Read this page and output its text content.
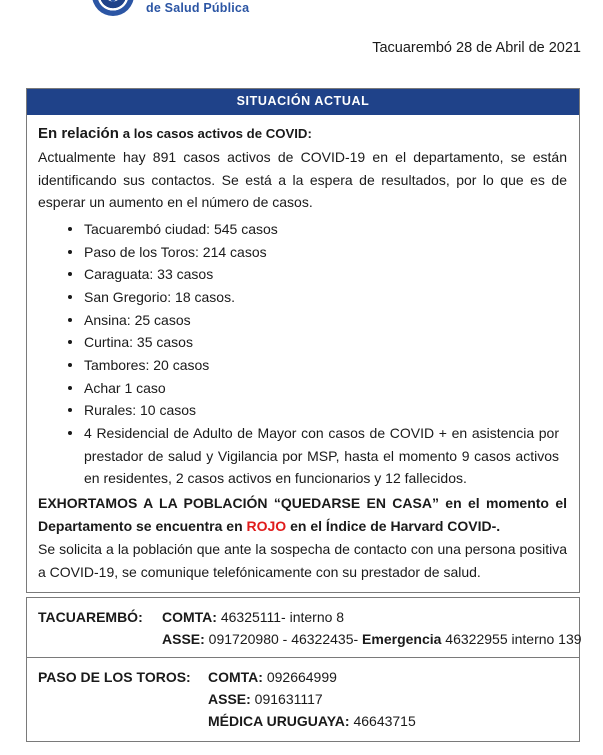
de Salud Pública
Tacuarembó 28 de Abril de 2021
SITUACIÓN ACTUAL
En relación a los casos activos de COVID:

Actualmente hay 891 casos activos de COVID-19 en el departamento, se están identificando sus contactos. Se está a la espera de resultados, por lo que es de esperar un aumento en el número de casos.

Tacuarembó ciudad: 545 casos
Paso de los Toros: 214 casos
Caraguata: 33 casos
San Gregorio: 18 casos.
Ansina: 25 casos
Curtina: 35 casos
Tambores: 20 casos
Achar 1 caso
Rurales: 10 casos
4 Residencial de Adulto de Mayor con casos de COVID + en asistencia por prestador de salud y Vigilancia por MSP, hasta el momento 9 casos activos en residentes, 2 casos activos en funcionarios y 12 fallecidos.

EXHORTAMOS A LA POBLACIÓN “QUEDARSE EN CASA” en el momento el Departamento se encuentra en ROJO en el Índice de Harvard COVID-.

Se solicita a la población que ante la sospecha de contacto con una persona positiva a COVID-19, se comunique telefónicamente con su prestador de salud.

TACUAREMBÓ:	COMTA: 46325111- interno 8
ASSE: 091720980 - 46322435- Emergencia 46322955 interno 139
PASO DE LOS TOROS:	COMTA: 092664999
ASSE: 091631117
MÉDICA URUGUAYA: 46643715
